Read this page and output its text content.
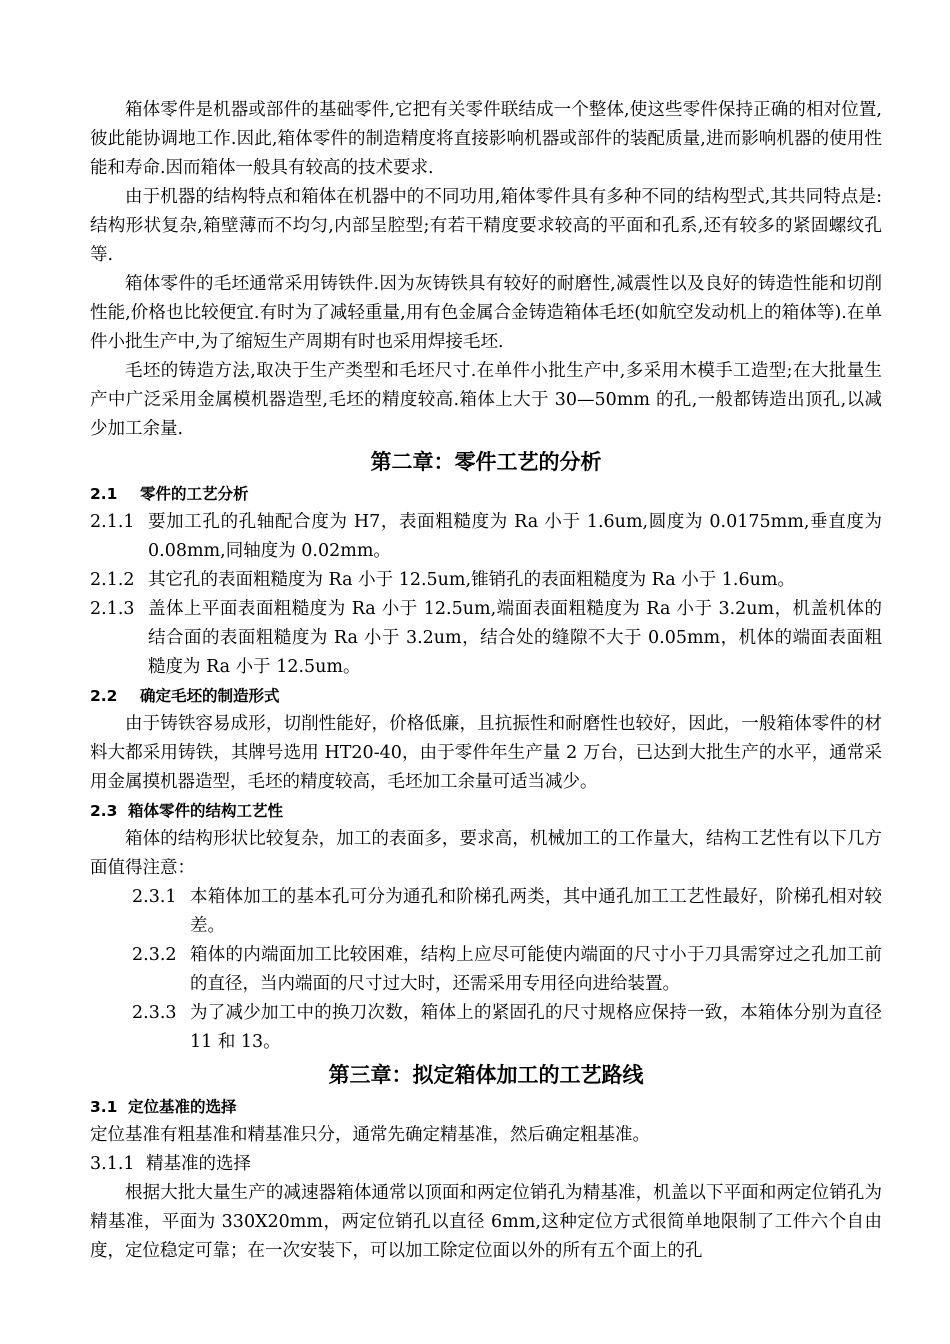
箱体零件是机器或部件的基础零件,它把有关零件联结成一个整体,使这些零件保持正确的相对位置,彼此能协调地工作.因此,箱体零件的制造精度将直接影响机器或部件的装配质量,进而影响机器的使用性能和寿命.因而箱体一般具有较高的技术要求.

由于机器的结构特点和箱体在机器中的不同功用,箱体零件具有多种不同的结构型式,其共同特点是:结构形状复杂,箱壁薄而不均匀,内部呈腔型;有若干精度要求较高的平面和孔系,还有较多的紧固螺纹孔等.

箱体零件的毛坯通常采用铸铁件.因为灰铸铁具有较好的耐磨性,减震性以及良好的铸造性能和切削性能,价格也比较便宜.有时为了减轻重量,用有色金属合金铸造箱体毛坯(如航空发动机上的箱体等).在单件小批生产中,为了缩短生产周期有时也采用焊接毛坯.

毛坯的铸造方法,取决于生产类型和毛坯尺寸.在单件小批生产中,多采用木模手工造型;在大批量生产中广泛采用金属模机器造型,毛坯的精度较高.箱体上大于 30—50mm 的孔,一般都铸造出顶孔,以减少加工余量.

第二章：零件工艺的分析
2.1 零件的工艺分析
2.1.1 要加工孔的孔轴配合度为 H7，表面粗糙度为 Ra 小于 1.6um,圆度为 0.0175mm,垂直度为 0.08mm,同轴度为 0.02mm。
2.1.2 其它孔的表面粗糙度为 Ra 小于 12.5um,锥销孔的表面粗糙度为 Ra 小于 1.6um。
2.1.3 盖体上平面表面粗糙度为 Ra 小于 12.5um,端面表面粗糙度为 Ra 小于 3.2um，机盖机体的结合面的表面粗糙度为 Ra 小于 3.2um，结合处的缝隙不大于 0.05mm，机体的端面表面粗糙度为 Ra 小于 12.5um。
2.2 确定毛坯的制造形式

由于铸铁容易成形，切削性能好，价格低廉，且抗振性和耐磨性也较好，因此，一般箱体零件的材料大都采用铸铁，其牌号选用 HT20-40，由于零件年生产量 2 万台，已达到大批生产的水平，通常采用金属摸机器造型，毛坯的精度较高，毛坯加工余量可适当减少。

2.3 箱体零件的结构工艺性

箱体的结构形状比较复杂，加工的表面多，要求高，机械加工的工作量大，结构工艺性有以下几方面值得注意：

2.3.1 本箱体加工的基本孔可分为通孔和阶梯孔两类，其中通孔加工工艺性最好，阶梯孔相对较差。
2.3.2 箱体的内端面加工比较困难，结构上应尽可能使内端面的尺寸小于刀具需穿过之孔加工前的直径，当内端面的尺寸过大时，还需采用专用径向进给装置。
2.3.3 为了减少加工中的换刀次数，箱体上的紧固孔的尺寸规格应保持一致，本箱体分别为直径 11 和 13。
第三章：拟定箱体加工的工艺路线
3.1 定位基准的选择

定位基准有粗基准和精基准只分，通常先确定精基准，然后确定粗基准。

3.1.1 精基准的选择

根据大批大量生产的减速器箱体通常以顶面和两定位销孔为精基准，机盖以下平面和两定位销孔为精基准，平面为 330X20mm，两定位销孔以直径 6mm,这种定位方式很简单地限制了工件六个自由度，定位稳定可靠；在一次安装下，可以加工除定位面以外的所有五个面上的孔
